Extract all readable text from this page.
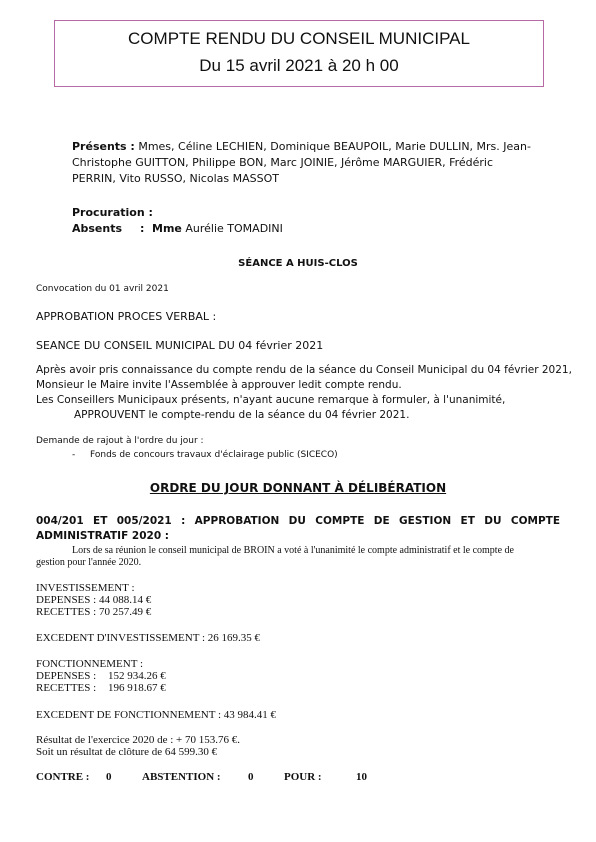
COMPTE RENDU DU CONSEIL MUNICIPAL
Du 15 avril 2021 à 20 h 00
Présents : Mmes, Céline LECHIEN, Dominique BEAUPOIL, Marie DULLIN, Mrs. Jean-
Christophe GUITTON, Philippe BON, Marc JOINIE, Jérôme MARGUIER, Frédéric
PERRIN, Vito RUSSO, Nicolas MASSOT
Procuration :
Absents : Mme Aurélie TOMADINI
SÉANCE A HUIS-CLOS
Convocation du 01 avril 2021
APPROBATION PROCES VERBAL :
SEANCE DU CONSEIL MUNICIPAL DU 04 février 2021
Après avoir pris connaissance du compte rendu de la séance du Conseil Municipal du 04 février 2021,
Monsieur le Maire invite l'Assemblée à approuver ledit compte rendu.
Les Conseillers Municipaux présents, n'ayant aucune remarque à formuler, à l'unanimité,
APPROUVENT le compte-rendu de la séance du 04 février 2021.
Demande de rajout à l'ordre du jour :
- Fonds de concours travaux d'éclairage public (SICECO)
ORDRE DU JOUR DONNANT À DÉLIBÉRATION
004/201 ET 005/2021 : APPROBATION DU COMPTE DE GESTION ET DU COMPTE
ADMINISTRATIF 2020 :
Lors de sa réunion le conseil municipal de BROIN a voté à l'unanimité le compte administratif et le compte de
gestion pour l'année 2020.
INVESTISSEMENT :
DEPENSES : 44 088.14 €
RECETTES : 70 257.49 €
EXCEDENT D'INVESTISSEMENT : 26 169.35 €
FONCTIONNEMENT :
DEPENSES : 152 934.26 €
RECETTES : 196 918.67 €
EXCEDENT DE FONCTIONNEMENT : 43 984.41 €
Résultat de l'exercice 2020 de : + 70 153.76 €.
Soit un résultat de clôture de 64 599.30 €
CONTRE : 0	ABSTENTION : 0	POUR :	10
